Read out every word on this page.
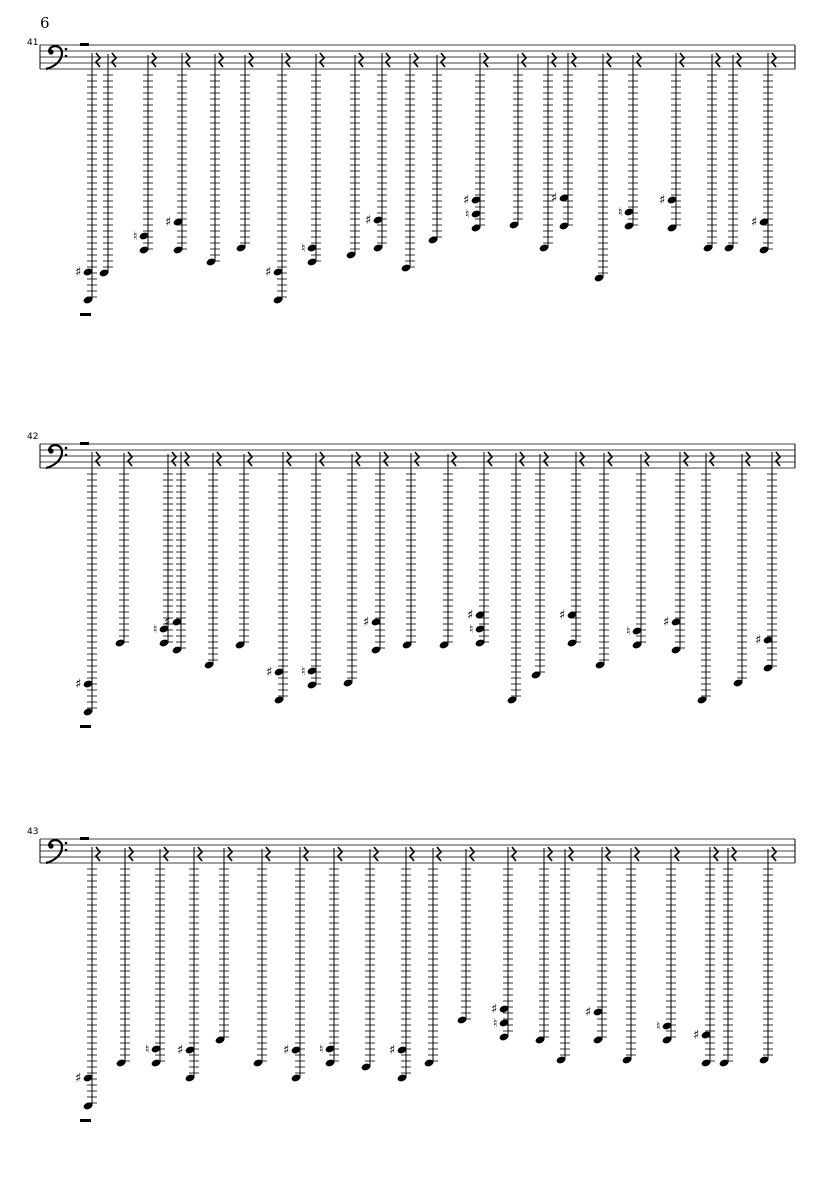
6
41
♯
♮
♯
♯
♮
♯
♯
♮
♯
♮
♯
♯
42
♯
♮ ♯
♯ ♮
♯	♯
♮
♯
♮
♯
♯
43
♯
♮ ♯	♯ ♮	♯
♯
♮
♯
♮
♯
